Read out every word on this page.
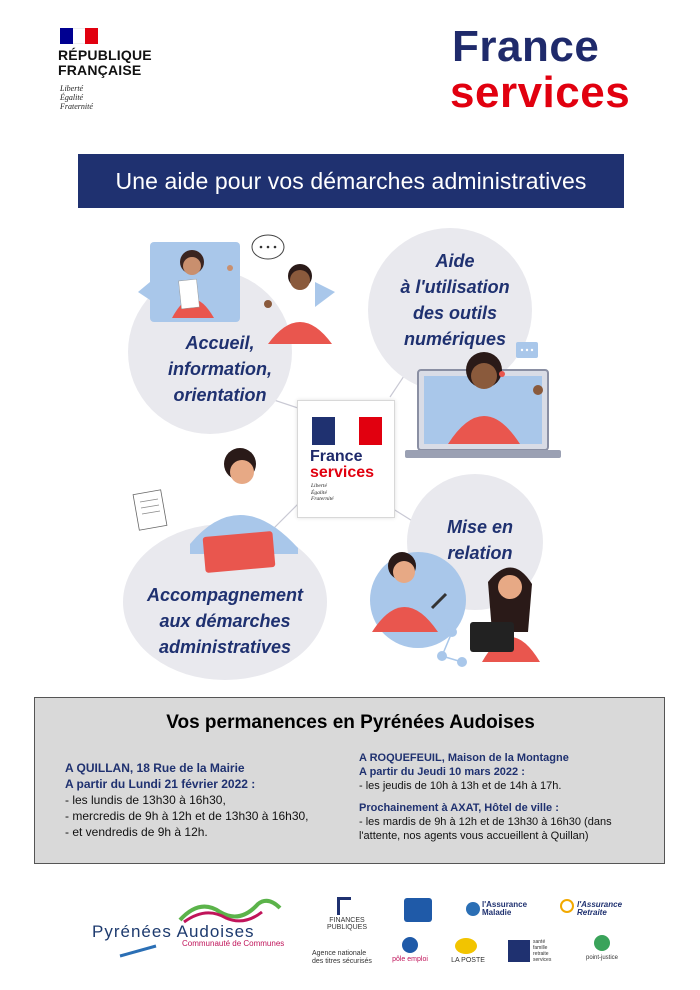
RÉPUBLIQUE
FRANÇAISE
Liberté
Égalité
Fraternité
France
services
Une aide pour vos démarches administratives
Accueil,
information,
orientation
Aide
à l'utilisation
des outils
numériques
Accompagnement
aux démarches
administratives
Mise en
relation
France
services
Liberté
Égalité
Fraternité
Vos permanences en Pyrénées Audoises
A QUILLAN, 18 Rue de la Mairie
A partir du Lundi 21 février 2022 :
- les lundis de 13h30 à 16h30,
- mercredis de 9h à 12h et de 13h30 à 16h30,
- et vendredis de 9h à 12h.
A ROQUEFEUIL, Maison de la Montagne
A partir du Jeudi 10 mars 2022 :
- les jeudis de 10h à 13h et de 14h à 17h.
Prochainement à AXAT, Hôtel de ville :
- les mardis de 9h à 12h et de 13h30 à 16h30 (dans
l'attente, nos agents vous accueillent à Quillan)
Pyrénées Audoises
Communauté de Communes
FINANCES PUBLIQUES
l'Assurance
Maladie
l'Assurance
Retraite
Agence nationale
des titres sécurisés	pôle emploi	LA POSTE
santé
famille
retraite
services	point-justice
